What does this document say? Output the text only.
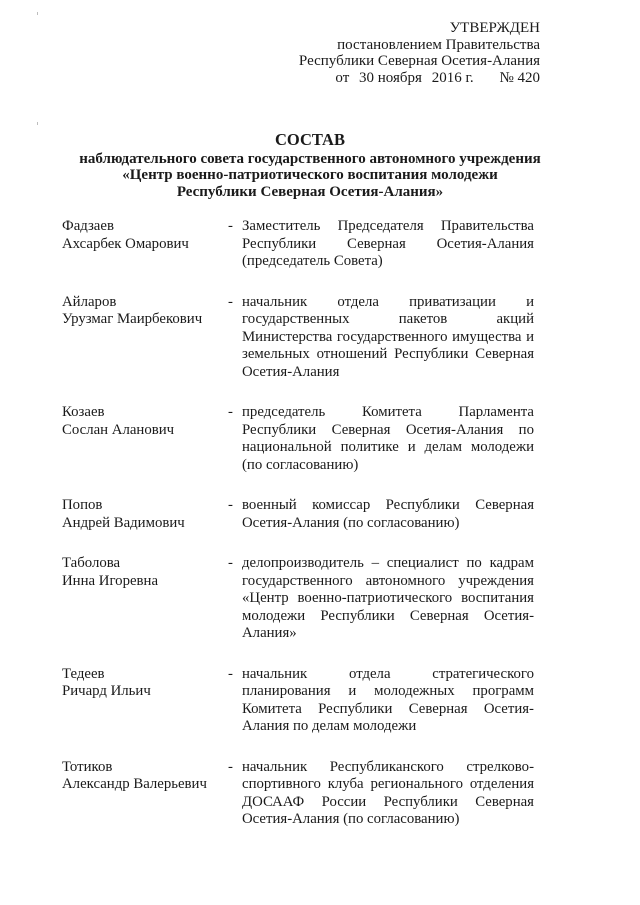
УТВЕРЖДЕН
постановлением Правительства
Республики Северная Осетия-Алания
от 30 ноября 2016 г. № 420
СОСТАВ
наблюдательного совета государственного автономного учреждения
«Центр военно-патриотического воспитания молодежи
Республики Северная Осетия-Алания»
Фадзаев
Ахсарбек Омарович
- Заместитель Председателя Правительства Республики Северная Осетия-Алания (председатель Совета)
Айларов
Урузмаг Маирбекович
- начальник отдела приватизации и государственных пакетов акций Министерства государственного имущества и земельных отношений Республики Северная Осетия-Алания
Козаев
Сослан Аланович
- председатель Комитета Парламента Республики Северная Осетия-Алания по национальной политике и делам молодежи (по согласованию)
Попов
Андрей Вадимович
- военный комиссар Республики Северная Осетия-Алания (по согласованию)
Таболова
Инна Игоревна
- делопроизводитель – специалист по кадрам государственного автономного учреждения «Центр военно-патриотического воспитания молодежи Республики Северная Осетия-Алания»
Тедеев
Ричард Ильич
- начальник отдела стратегического планирования и молодежных программ Комитета Республики Северная Осетия-Алания по делам молодежи
Тотиков
Александр Валерьевич
- начальник Республиканского стрелково-спортивного клуба регионального отделения ДОСААФ России Республики Северная Осетия-Алания (по согласованию)
